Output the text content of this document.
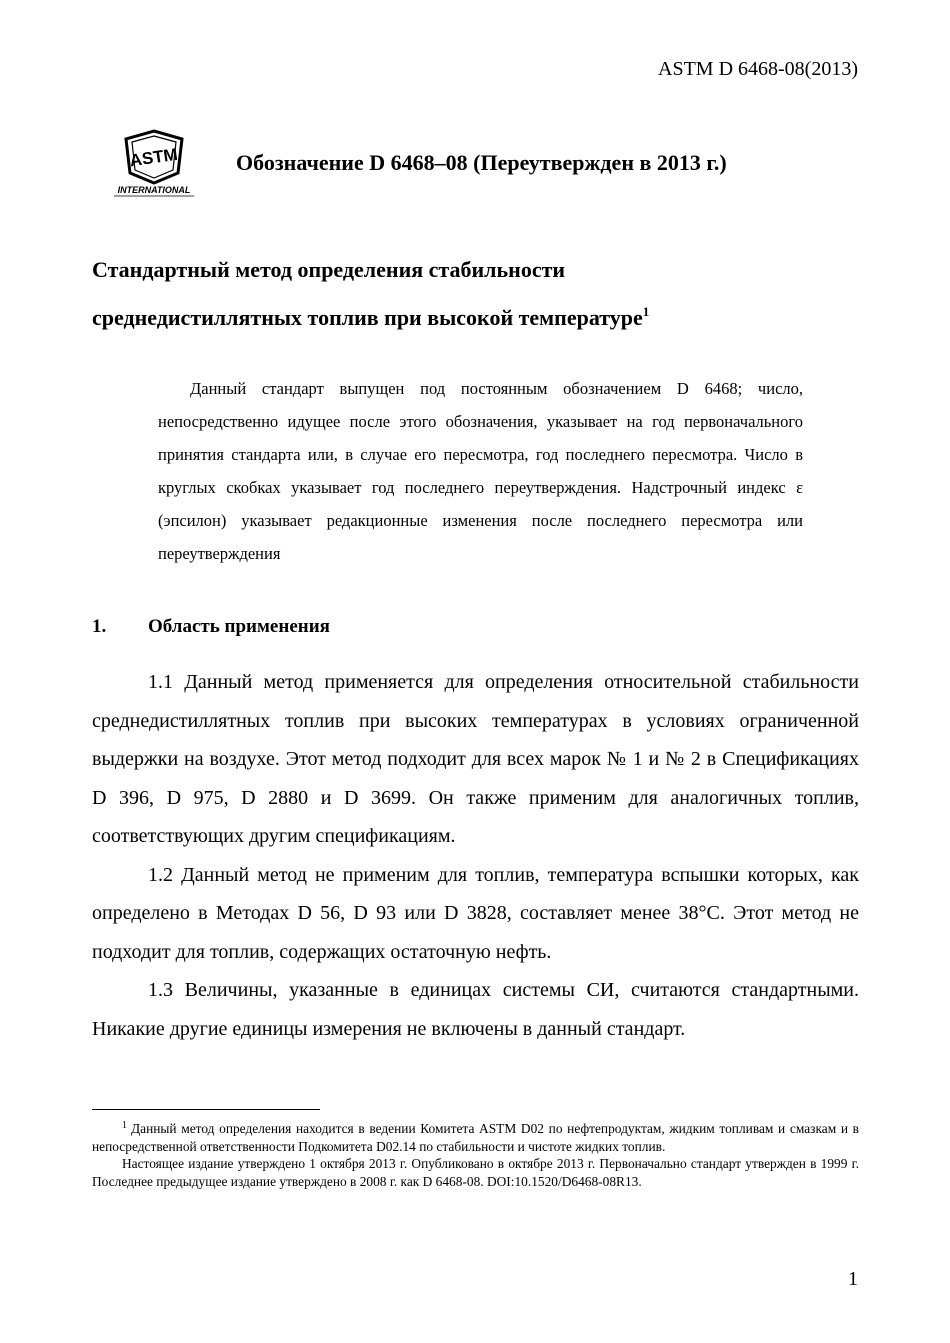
ASTM D 6468-08(2013)
ASTM
INTERNATIONAL
Обозначение D 6468–08 (Переутвержден в 2013 г.)
Стандартный метод определения стабильности
среднедистиллятных топлив при высокой температуре$^1$
Данный стандарт выпущен под постоянным обозначением D 6468; число, непосредственно идущее после этого обозначения, указывает на год первоначального принятия стандарта или, в случае его пересмотра, год последнего пересмотра. Число в круглых скобках указывает год последнего переутверждения. Надстрочный индекс ε (эпсилон) указывает редакционные изменения после последнего пересмотра или переутверждения
1. Область применения

1.1 Данный метод применяется для определения относительной стабильности среднедистиллятных топлив при высоких температурах в условиях ограниченной выдержки на воздухе. Этот метод подходит для всех марок № 1 и № 2 в Спецификациях D 396, D 975, D 2880 и D 3699. Он также применим для аналогичных топлив, соответствующих другим спецификациям.

1.2 Данный метод не применим для топлив, температура вспышки которых, как определено в Методах D 56, D 93 или D 3828, составляет менее 38°C. Этот метод не подходит для топлив, содержащих остаточную нефть.

1.3 Величины, указанные в единицах системы СИ, считаются стандартными. Никакие другие единицы измерения не включены в данный стандарт.

$^1$ Данный метод определения находится в ведении Комитета ASTM D02 по нефтепродуктам, жидким топливам и смазкам и в непосредственной ответственности Подкомитета D02.14 по стабильности и чистоте жидких топлив.

Настоящее издание утверждено 1 октября 2013 г. Опубликовано в октябре 2013 г. Первоначально стандарт утвержден в 1999 г. Последнее предыдущее издание утверждено в 2008 г. как D 6468-08. DOI:10.1520/D6468-08R13.

1
